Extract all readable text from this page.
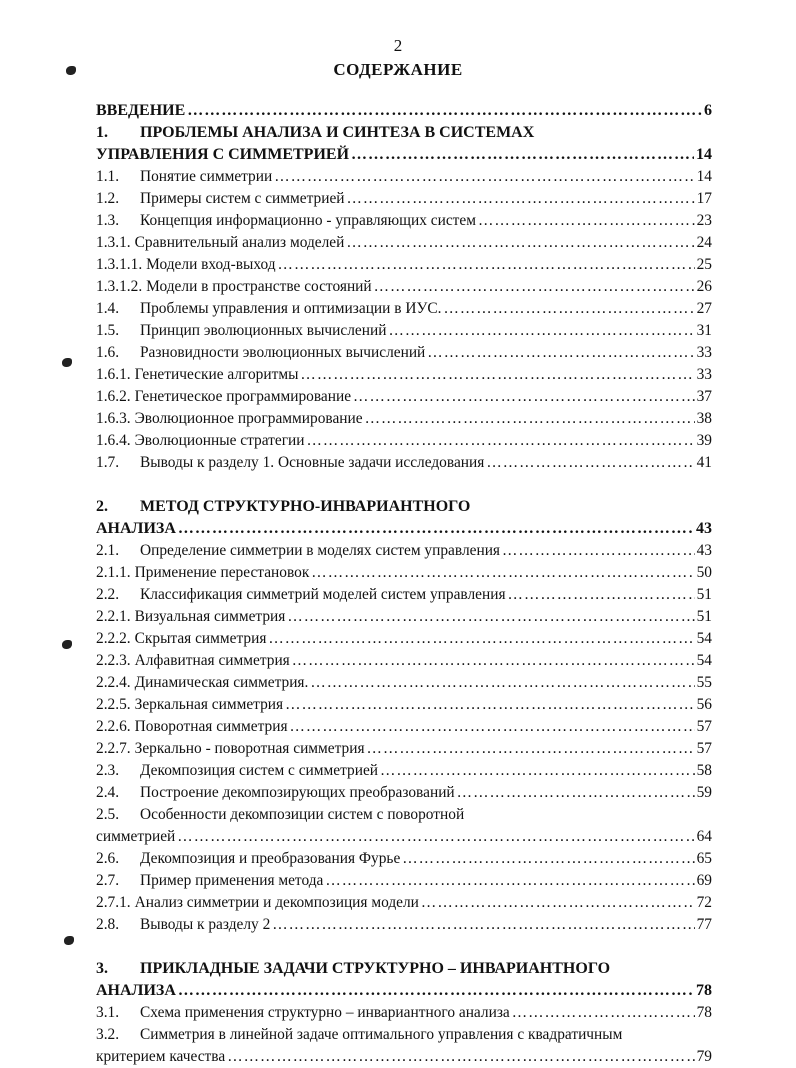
2
СОДЕРЖАНИЕ
ВВЕДЕНИЕ …………………………………………………………………………………………………………………………………………	6
1.	ПРОБЛЕМЫ АНАЛИЗА И СИНТЕЗА В СИСТЕМАХ
УПРАВЛЕНИЯ С СИММЕТРИЕЙ …………………………………………………………………………………………………………………………………………	14
1.1.	Понятие симметрии …………………………………………………………………………………………………………………………………………	14
1.2.	Примеры систем с симметрией …………………………………………………………………………………………………………………………………………	17
1.3.	Концепция информационно - управляющих систем …………………………………………………………………………………………………………………………………………	23
1.3.1. Сравнительный анализ моделей …………………………………………………………………………………………………………………………………………	24
1.3.1.1. Модели вход-выход …………………………………………………………………………………………………………………………………………	25
1.3.1.2. Модели в пространстве состояний …………………………………………………………………………………………………………………………………………	26
1.4.	Проблемы управления и оптимизации в ИУС. …………………………………………………………………………………………………………………………………………	27
1.5.	Принцип эволюционных вычислений …………………………………………………………………………………………………………………………………………	31
1.6.	Разновидности эволюционных вычислений …………………………………………………………………………………………………………………………………………	33
1.6.1. Генетические алгоритмы …………………………………………………………………………………………………………………………………………	33
1.6.2. Генетическое программирование …………………………………………………………………………………………………………………………………………	37
1.6.3. Эволюционное программирование …………………………………………………………………………………………………………………………………………	38
1.6.4. Эволюционные стратегии …………………………………………………………………………………………………………………………………………	39
1.7.	Выводы к разделу 1. Основные задачи исследования …………………………………………………………………………………………………………………………………………	41
2.	МЕТОД СТРУКТУРНО-ИНВАРИАНТНОГО
АНАЛИЗА …………………………………………………………………………………………………………………………………………	43
2.1.	Определение симметрии в моделях систем управления …………………………………………………………………………………………………………………………………………	43
2.1.1. Применение перестановок …………………………………………………………………………………………………………………………………………	50
2.2.	Классификация симметрий моделей систем управления …………………………………………………………………………………………………………………………………………	51
2.2.1. Визуальная симметрия …………………………………………………………………………………………………………………………………………	51
2.2.2. Скрытая симметрия …………………………………………………………………………………………………………………………………………	54
2.2.3. Алфавитная симметрия …………………………………………………………………………………………………………………………………………	54
2.2.4. Динамическая симметрия. …………………………………………………………………………………………………………………………………………	55
2.2.5. Зеркальная симметрия …………………………………………………………………………………………………………………………………………	56
2.2.6. Поворотная симметрия …………………………………………………………………………………………………………………………………………	57
2.2.7. Зеркально - поворотная симметрия …………………………………………………………………………………………………………………………………………	57
2.3.	Декомпозиция систем с симметрией …………………………………………………………………………………………………………………………………………	58
2.4.	Построение декомпозирующих преобразований …………………………………………………………………………………………………………………………………………	59
2.5.	Особенности декомпозиции систем с поворотной
симметрией …………………………………………………………………………………………………………………………………………	64
2.6.	Декомпозиция и преобразования Фурье …………………………………………………………………………………………………………………………………………	65
2.7.	Пример применения метода …………………………………………………………………………………………………………………………………………	69
2.7.1. Анализ симметрии и декомпозиция модели …………………………………………………………………………………………………………………………………………	72
2.8.	Выводы к разделу 2 …………………………………………………………………………………………………………………………………………	77
3.	ПРИКЛАДНЫЕ ЗАДАЧИ СТРУКТУРНО – ИНВАРИАНТНОГО
АНАЛИЗА …………………………………………………………………………………………………………………………………………	78
3.1.	Схема применения структурно – инвариантного анализа …………………………………………………………………………………………………………………………………………	78
3.2.	Симметрия в линейной задаче оптимального управления с квадратичным
критерием качества …………………………………………………………………………………………………………………………………………	79
